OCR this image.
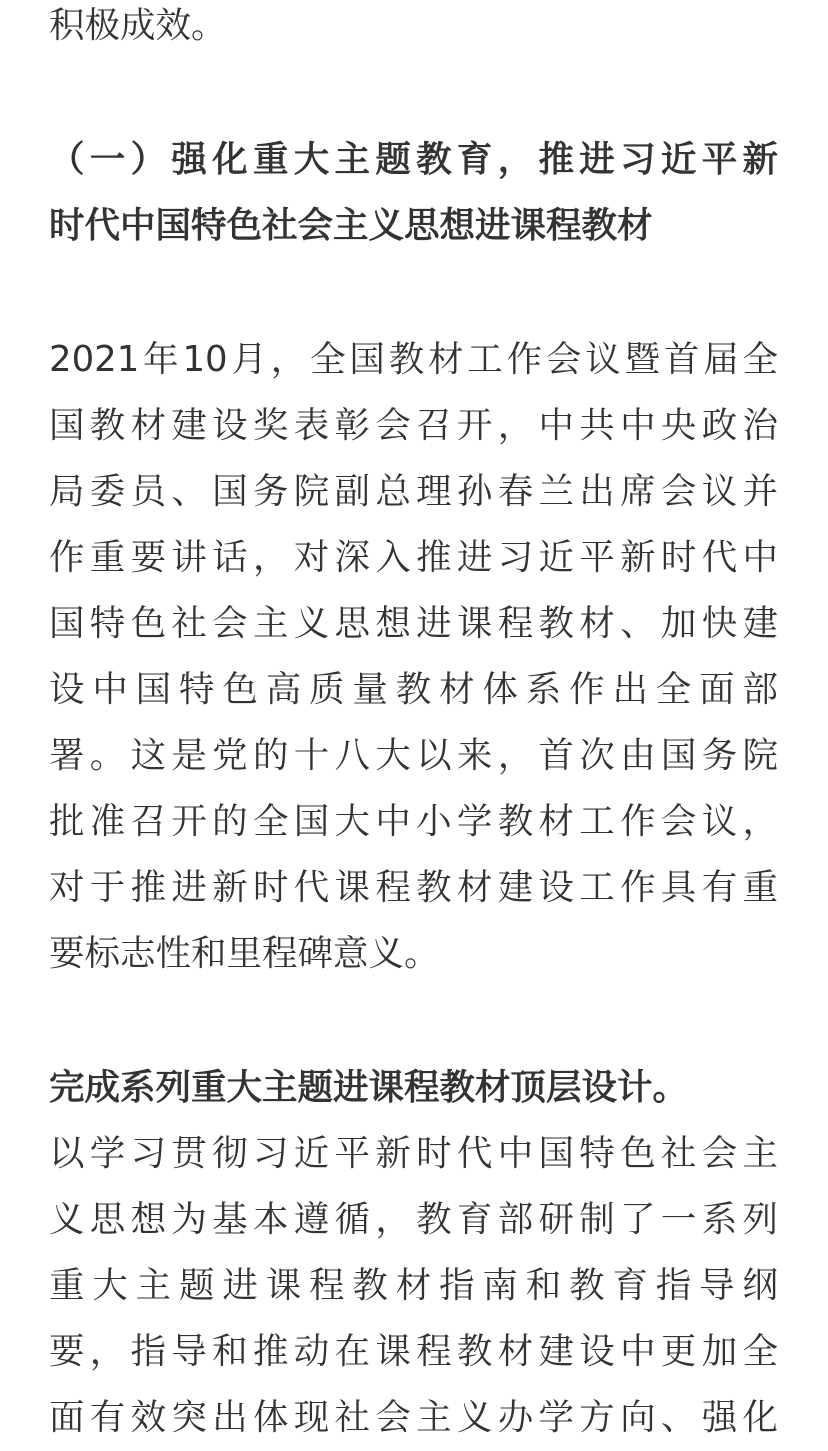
积极成效。
（一）强化重大主题教育，推进习近平新
时代中国特色社会主义思想进课程教材
2021年10月，全国教材工作会议暨首届全
国教材建设奖表彰会召开，中共中央政治
局委员、国务院副总理孙春兰出席会议并
作重要讲话，对深入推进习近平新时代中
国特色社会主义思想进课程教材、加快建
设中国特色高质量教材体系作出全面部
署。这是党的十八大以来，首次由国务院
批准召开的全国大中小学教材工作会议，
对于推进新时代课程教材建设工作具有重
要标志性和里程碑意义。
完成系列重大主题进课程教材顶层设计。
以学习贯彻习近平新时代中国特色社会主
义思想为基本遵循，教育部研制了一系列
重大主题进课程教材指南和教育指导纲
要，指导和推动在课程教材建设中更加全
面有效突出体现社会主义办学方向、强化
